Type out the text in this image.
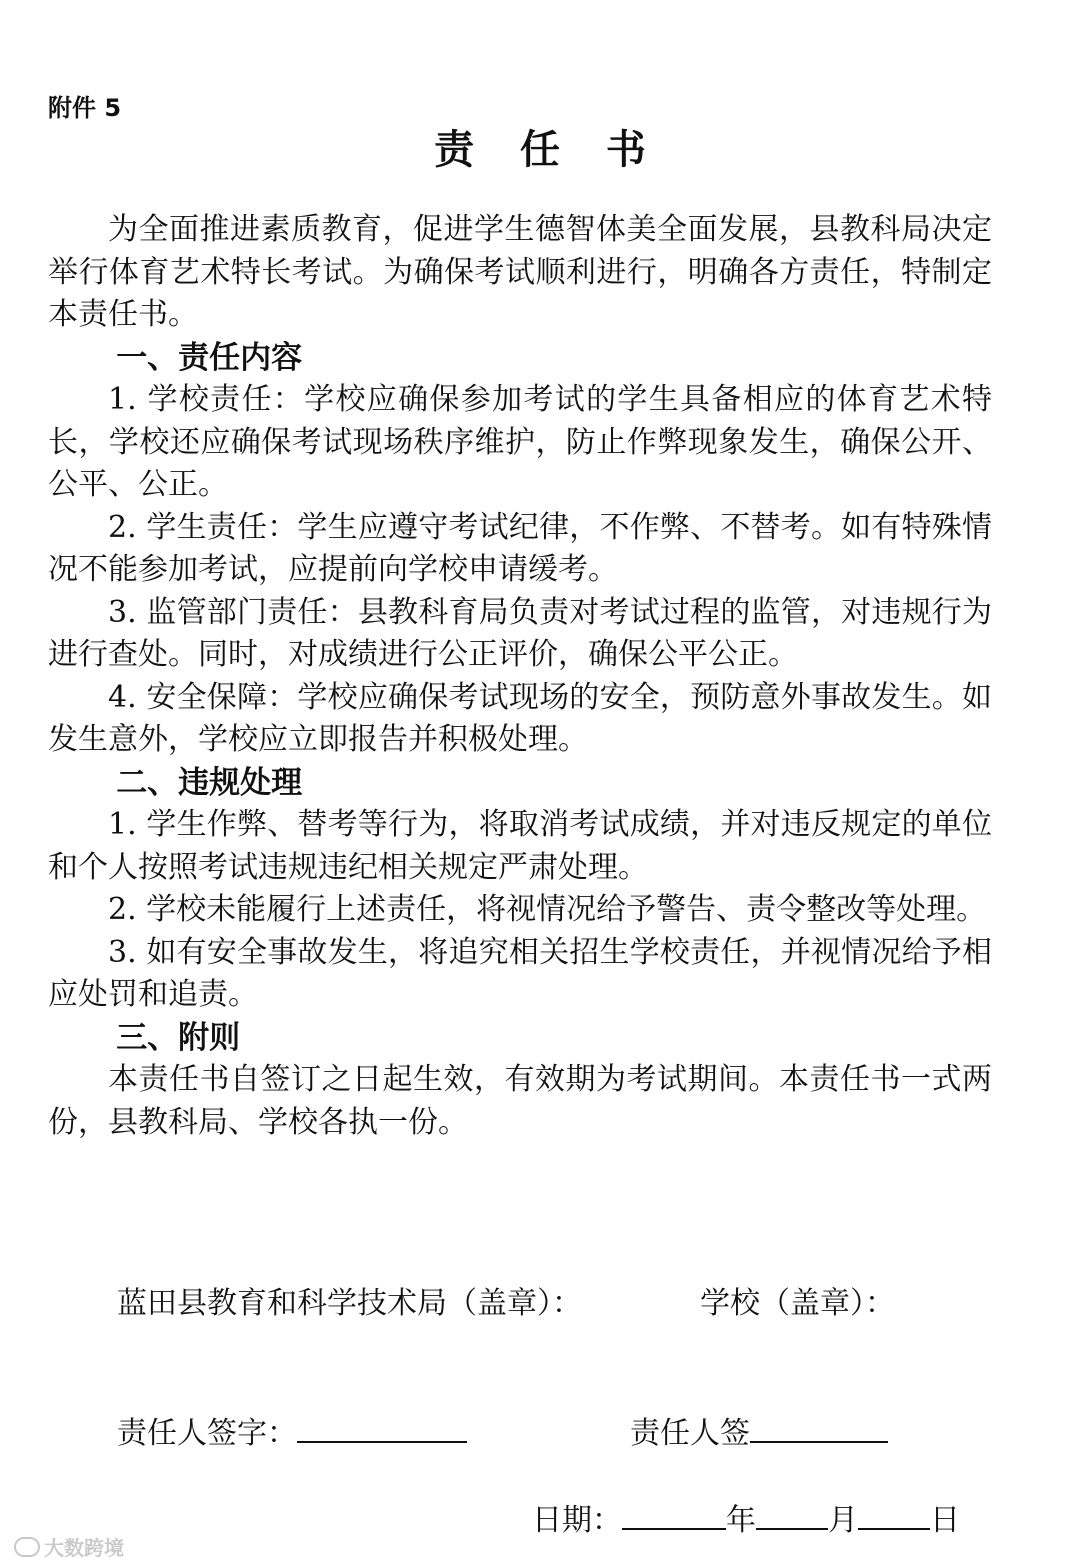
附件 5
责 任 书

为全面推进素质教育，促进学生德智体美全面发展，县教科局决定举行体育艺术特长考试。为确保考试顺利进行，明确各方责任，特制定本责任书。

一、责任内容

1. 学校责任：学校应确保参加考试的学生具备相应的体育艺术特长，学校还应确保考试现场秩序维护，防止作弊现象发生，确保公开、公平、公正。

2. 学生责任：学生应遵守考试纪律，不作弊、不替考。如有特殊情况不能参加考试，应提前向学校申请缓考。

3. 监管部门责任：县教科育局负责对考试过程的监管，对违规行为进行查处。同时，对成绩进行公正评价，确保公平公正。

4. 安全保障：学校应确保考试现场的安全，预防意外事故发生。如发生意外，学校应立即报告并积极处理。

二、违规处理

1. 学生作弊、替考等行为，将取消考试成绩，并对违反规定的单位和个人按照考试违规违纪相关规定严肃处理。

2. 学校未能履行上述责任，将视情况给予警告、责令整改等处理。

3. 如有安全事故发生，将追究相关招生学校责任，并视情况给予相应处罚和追责。

三、附则

本责任书自签订之日起生效，有效期为考试期间。本责任书一式两份，县教科局、学校各执一份。

蓝田县教育和科学技术局（盖章）：	学校（盖章）：
责任人签字：	责任人签
日期：	年 月 日
大数跨境
